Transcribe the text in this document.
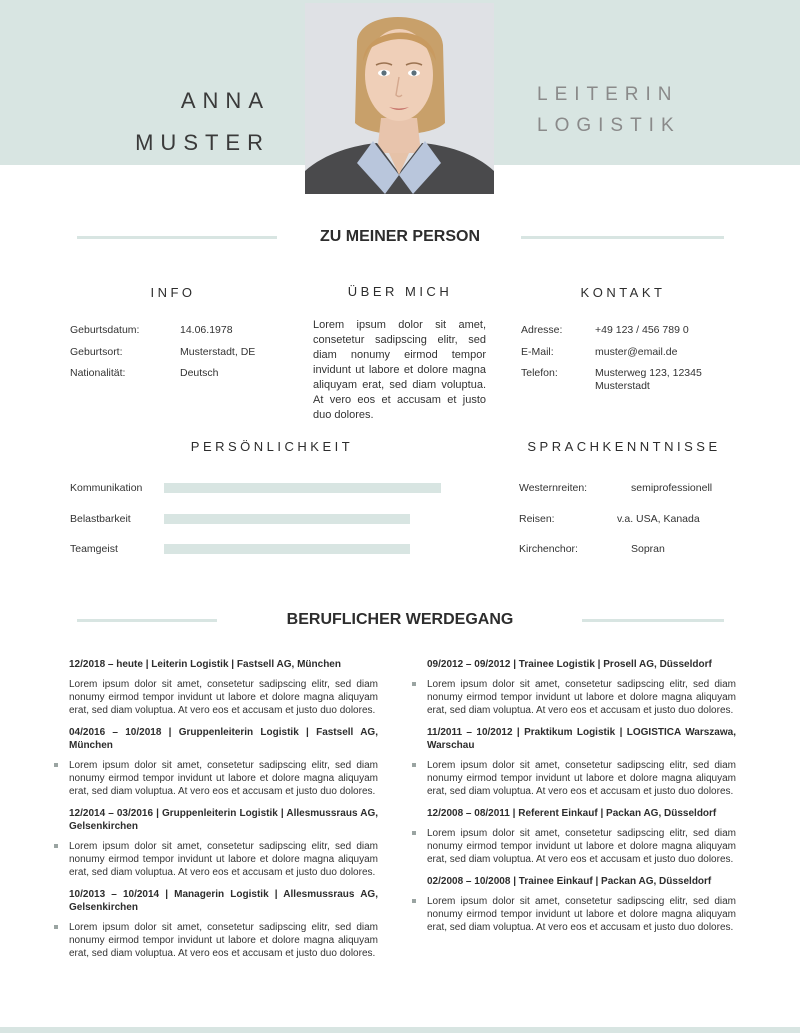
ANNA
MUSTER
LEITERIN
LOGISTIK
ZU MEINER PERSON
INFO	ÜBER MICH	KONTAKT
Geburtsdatum:	14.06.1978
Geburtsort:	Musterstadt, DE
Nationalität:	Deutsch
Lorem ipsum dolor sit amet, consetetur sadipscing elitr, sed diam nonumy eirmod tempor invidunt ut labore et dolore magna aliquyam erat, sed diam voluptua. At vero eos et accusam et justo duo dolores.
Adresse:	+49 123 / 456 789 0
E-Mail:	muster@email.de
Telefon:	Musterweg 123, 12345
Musterstadt
PERSÖNLICHKEIT	SPRACHKENNTNISSE
Kommunikation
Belastbarkeit
Teamgeist
Westernreiten:	semiprofessionell
Reisen:	v.a. USA, Kanada
Kirchenchor:	Sopran
BERUFLICHER WERDEGANG
12/2018 – heute | Leiterin Logistik | Fastsell AG, München
Lorem ipsum dolor sit amet, consetetur sadipscing elitr, sed diam nonumy eirmod tempor invidunt ut labore et dolore magna aliquyam erat, sed diam voluptua. At vero eos et accusam et justo duo dolores.
04/2016 – 10/2018 | Gruppenleiterin Logistik | Fastsell AG, München
Lorem ipsum dolor sit amet, consetetur sadipscing elitr, sed diam nonumy eirmod tempor invidunt ut labore et dolore magna aliquyam erat, sed diam voluptua. At vero eos et accusam et justo duo dolores.
12/2014 – 03/2016 | Gruppenleiterin Logistik | Allesmussraus AG, Gelsenkirchen
Lorem ipsum dolor sit amet, consetetur sadipscing elitr, sed diam nonumy eirmod tempor invidunt ut labore et dolore magna aliquyam erat, sed diam voluptua. At vero eos et accusam et justo duo dolores.
10/2013 – 10/2014 | Managerin Logistik | Allesmussraus AG, Gelsenkirchen
Lorem ipsum dolor sit amet, consetetur sadipscing elitr, sed diam nonumy eirmod tempor invidunt ut labore et dolore magna aliquyam erat, sed diam voluptua. At vero eos et accusam et justo duo dolores.
09/2012 – 09/2012 | Trainee Logistik | Prosell AG, Düsseldorf
Lorem ipsum dolor sit amet, consetetur sadipscing elitr, sed diam nonumy eirmod tempor invidunt ut labore et dolore magna aliquyam erat, sed diam voluptua. At vero eos et accusam et justo duo dolores.
11/2011 – 10/2012 | Praktikum Logistik | LOGISTICA Warszawa, Warschau
Lorem ipsum dolor sit amet, consetetur sadipscing elitr, sed diam nonumy eirmod tempor invidunt ut labore et dolore magna aliquyam erat, sed diam voluptua. At vero eos et accusam et justo duo dolores.
12/2008 – 08/2011 | Referent Einkauf | Packan AG, Düsseldorf
Lorem ipsum dolor sit amet, consetetur sadipscing elitr, sed diam nonumy eirmod tempor invidunt ut labore et dolore magna aliquyam erat, sed diam voluptua. At vero eos et accusam et justo duo dolores.
02/2008 – 10/2008 | Trainee Einkauf | Packan AG, Düsseldorf
Lorem ipsum dolor sit amet, consetetur sadipscing elitr, sed diam nonumy eirmod tempor invidunt ut labore et dolore magna aliquyam erat, sed diam voluptua. At vero eos et accusam et justo duo dolores.
